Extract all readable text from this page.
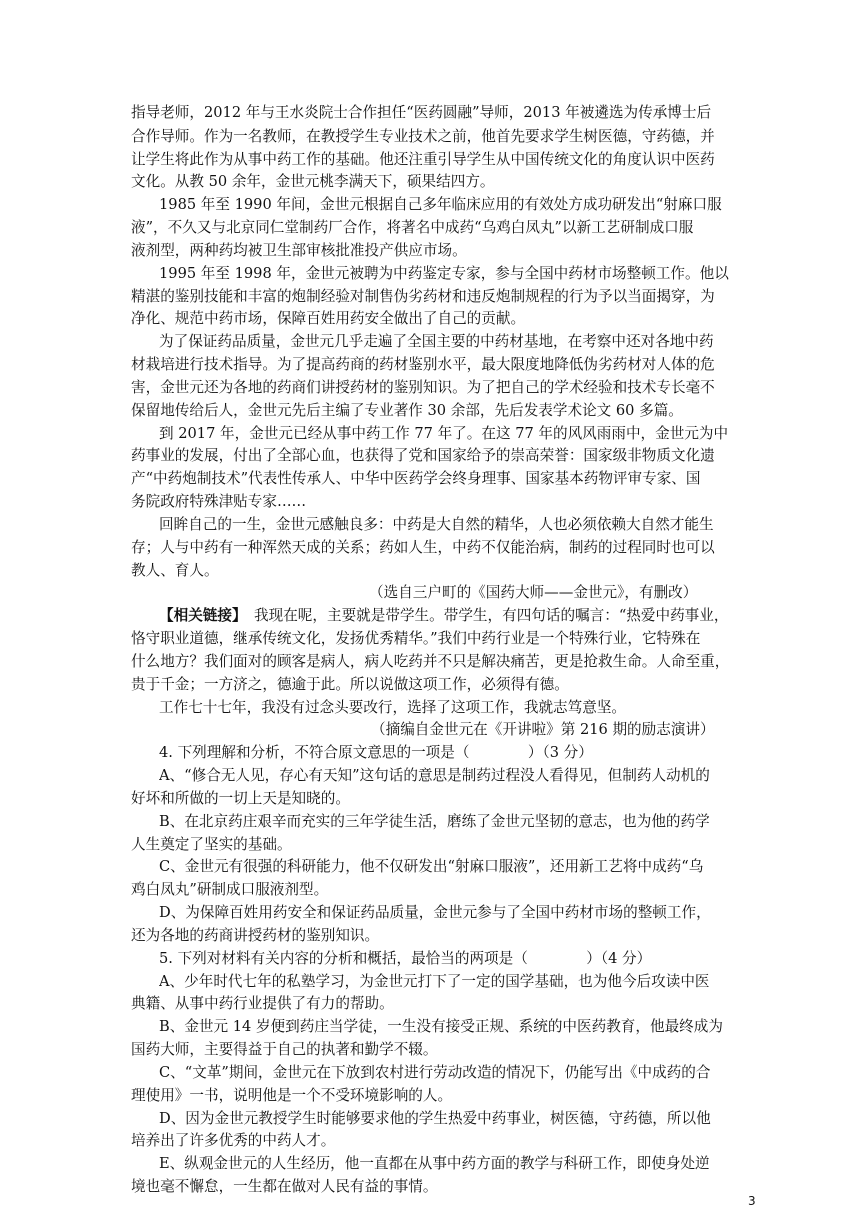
指导老师，2012 年与王水炎院士合作担任“医药圆融”导师，2013 年被遴选为传承博士后
合作导师。作为一名教师，在教授学生专业技术之前，他首先要求学生树医德，守药德，并
让学生将此作为从事中药工作的基础。他还注重引导学生从中国传统文化的角度认识中医药
文化。从教 50 余年，金世元桃李满天下，硕果结四方。
1985 年至 1990 年间，金世元根据自己多年临床应用的有效处方成功研发出“射麻口服
液”，不久又与北京同仁堂制药厂合作，将著名中成药“乌鸡白凤丸”以新工艺研制成口服
液剂型，两种药均被卫生部审核批准投产供应市场。
1995 年至 1998 年，金世元被聘为中药鉴定专家，参与全国中药材市场整顿工作。他以
精湛的鉴别技能和丰富的炮制经验对制售伪劣药材和违反炮制规程的行为予以当面揭穿，为
净化、规范中药市场，保障百姓用药安全做出了自己的贡献。
为了保证药品质量，金世元几乎走遍了全国主要的中药材基地，在考察中还对各地中药
材栽培进行技术指导。为了提高药商的药材鉴别水平，最大限度地降低伪劣药材对人体的危
害，金世元还为各地的药商们讲授药材的鉴别知识。为了把自己的学术经验和技术专长毫不
保留地传给后人，金世元先后主编了专业著作 30 余部，先后发表学术论文 60 多篇。
到 2017 年，金世元已经从事中药工作 77 年了。在这 77 年的风风雨雨中，金世元为中
药事业的发展，付出了全部心血，也获得了党和国家给予的崇高荣誉：国家级非物质文化遗
产“中药炮制技术”代表性传承人、中华中医药学会终身理事、国家基本药物评审专家、国
务院政府特殊津贴专家……
回眸自己的一生，金世元感触良多：中药是大自然的精华，人也必须依赖大自然才能生
存；人与中药有一种浑然天成的关系；药如人生，中药不仅能治病，制药的过程同时也可以
教人、育人。
（选自三户町的《国药大师——金世元》，有删改）
【相关链接】 我现在呢，主要就是带学生。带学生，有四句话的嘱言：“热爱中药事业，
恪守职业道德，继承传统文化，发扬优秀精华。”我们中药行业是一个特殊行业，它特殊在
什么地方？我们面对的顾客是病人，病人吃药并不只是解决痛苦，更是抢救生命。人命至重，
贵于千金；一方济之，德逾于此。所以说做这项工作，必须得有德。
工作七十七年，我没有过念头要改行，选择了这项工作，我就志笃意坚。
（摘编自金世元在《开讲啦》第 216 期的励志演讲）
4. 下列理解和分析，不符合原文意思的一项是（　　　　）（3 分）
A、“修合无人见，存心有天知”这句话的意思是制药过程没人看得见，但制药人动机的
好坏和所做的一切上天是知晓的。
B、在北京药庄艰辛而充实的三年学徒生活，磨练了金世元坚韧的意志，也为他的药学
人生奠定了坚实的基础。
C、金世元有很强的科研能力，他不仅研发出“射麻口服液”，还用新工艺将中成药“乌
鸡白凤丸”研制成口服液剂型。
D、为保障百姓用药安全和保证药品质量，金世元参与了全国中药材市场的整顿工作，
还为各地的药商讲授药材的鉴别知识。
5. 下列对材料有关内容的分析和概括，最恰当的两项是（　　　　）（4 分）
A、少年时代七年的私塾学习，为金世元打下了一定的国学基础，也为他今后攻读中医
典籍、从事中药行业提供了有力的帮助。
B、金世元 14 岁便到药庄当学徒，一生没有接受正规、系统的中医药教育，他最终成为
国药大师，主要得益于自己的执著和勤学不辍。
C、“文革”期间，金世元在下放到农村进行劳动改造的情况下，仍能写出《中成药的合
理使用》一书，说明他是一个不受环境影响的人。
D、因为金世元教授学生时能够要求他的学生热爱中药事业，树医德，守药德，所以他
培养出了许多优秀的中药人才。
E、纵观金世元的人生经历，他一直都在从事中药方面的教学与科研工作，即使身处逆
境也毫不懈怠，一生都在做对人民有益的事情。
3
